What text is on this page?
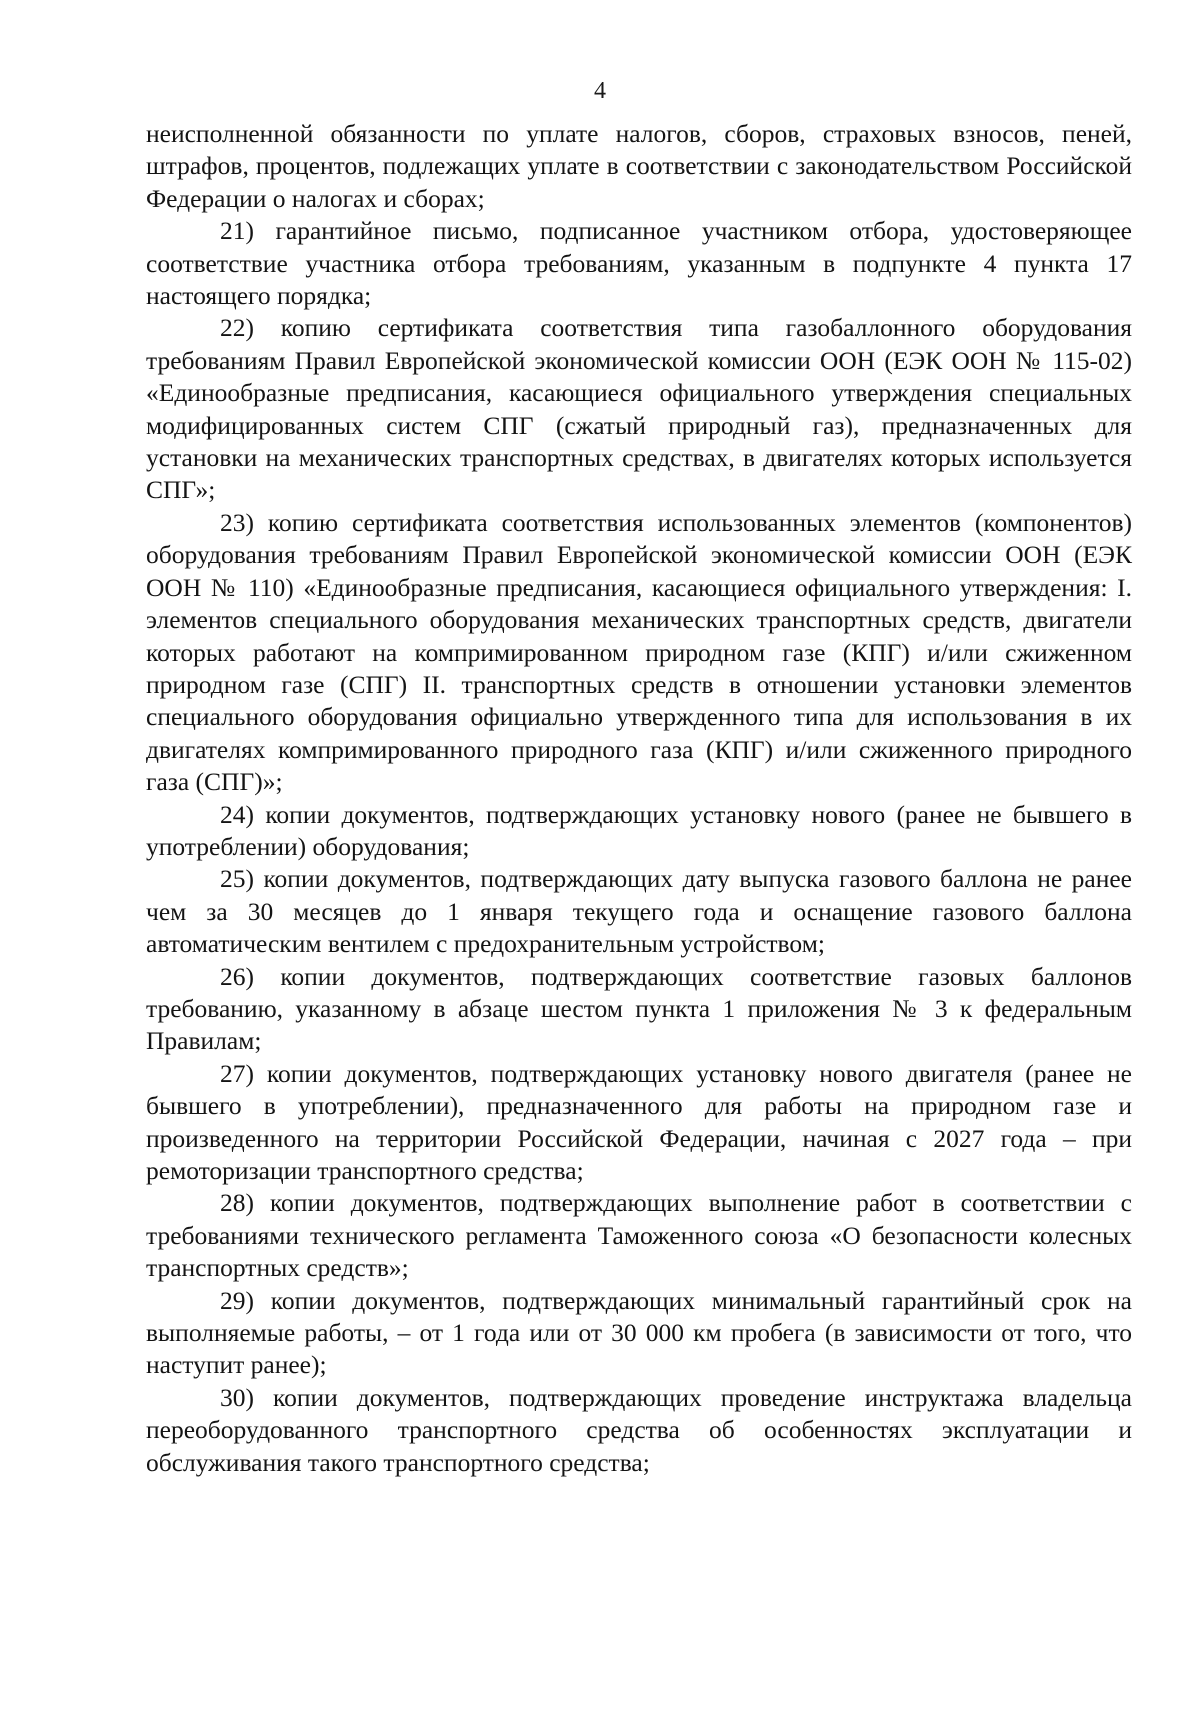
4

неисполненной обязанности по уплате налогов, сборов, страховых взносов, пеней, штрафов, процентов, подлежащих уплате в соответствии с законодательством Российской Федерации о налогах и сборах;

21) гарантийное письмо, подписанное участником отбора, удостоверяющее соответствие участника отбора требованиям, указанным в подпункте 4 пункта 17 настоящего порядка;

22) копию сертификата соответствия типа газобаллонного оборудования требованиям Правил Европейской экономической комиссии ООН (ЕЭК ООН № 115-02) «Единообразные предписания, касающиеся официального утверждения специальных модифицированных систем СПГ (сжатый природный газ), предназначенных для установки на механических транспортных средствах, в двигателях которых используется СПГ»;

23) копию сертификата соответствия использованных элементов (компонентов) оборудования требованиям Правил Европейской экономической комиссии ООН (ЕЭК ООН № 110) «Единообразные предписания, касающиеся официального утверждения: I. элементов специального оборудования механических транспортных средств, двигатели которых работают на компримированном природном газе (КПГ) и/или сжиженном природном газе (СПГ) II. транспортных средств в отношении установки элементов специального оборудования официально утвержденного типа для использования в их двигателях компримированного природного газа (КПГ) и/или сжиженного природного газа (СПГ)»;

24) копии документов, подтверждающих установку нового (ранее не бывшего в употреблении) оборудования;

25) копии документов, подтверждающих дату выпуска газового баллона не ранее чем за 30 месяцев до 1 января текущего года и оснащение газового баллона автоматическим вентилем с предохранительным устройством;

26) копии документов, подтверждающих соответствие газовых баллонов требованию, указанному в абзаце шестом пункта 1 приложения № 3 к федеральным Правилам;

27) копии документов, подтверждающих установку нового двигателя (ранее не бывшего в употреблении), предназначенного для работы на природном газе и произведенного на территории Российской Федерации, начиная с 2027 года – при ремоторизации транспортного средства;

28) копии документов, подтверждающих выполнение работ в соответствии с требованиями технического регламента Таможенного союза «О безопасности колесных транспортных средств»;

29) копии документов, подтверждающих минимальный гарантийный срок на выполняемые работы, – от 1 года или от 30 000 км пробега (в зависимости от того, что наступит ранее);

30) копии документов, подтверждающих проведение инструктажа владельца переоборудованного транспортного средства об особенностях эксплуатации и обслуживания такого транспортного средства;
